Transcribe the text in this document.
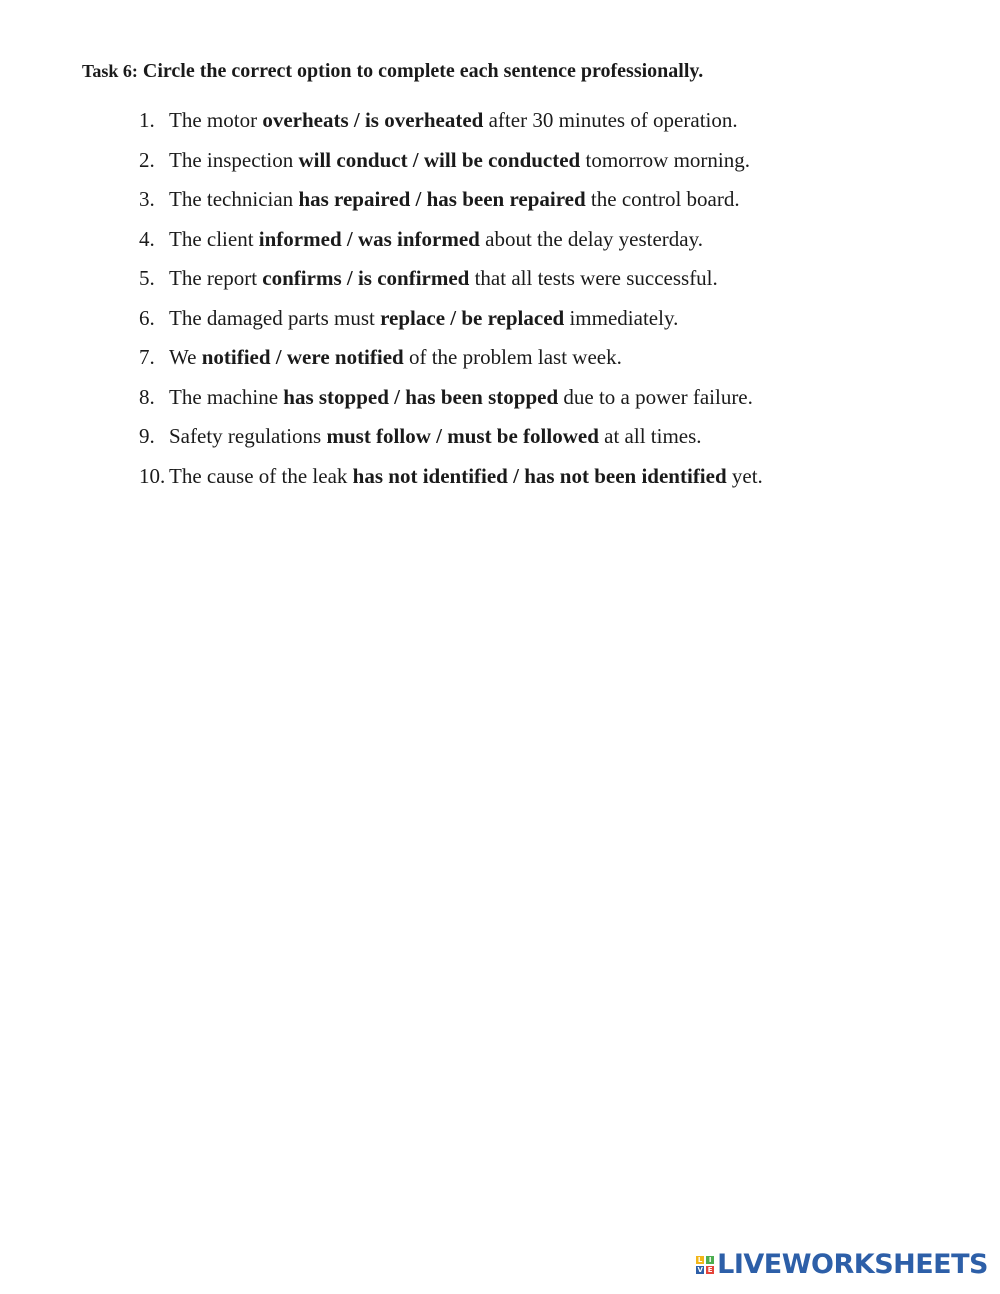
Task 6: Circle the correct option to complete each sentence professionally.
1. The motor overheats / is overheated after 30 minutes of operation.
2. The inspection will conduct / will be conducted tomorrow morning.
3. The technician has repaired / has been repaired the control board.
4. The client informed / was informed about the delay yesterday.
5. The report confirms / is confirmed that all tests were successful.
6. The damaged parts must replace / be replaced immediately.
7. We notified / were notified of the problem last week.
8. The machine has stopped / has been stopped due to a power failure.
9. Safety regulations must follow / must be followed at all times.
10. The cause of the leak has not identified / has not been identified yet.
L I
V E LIVEWORKSHEETS
